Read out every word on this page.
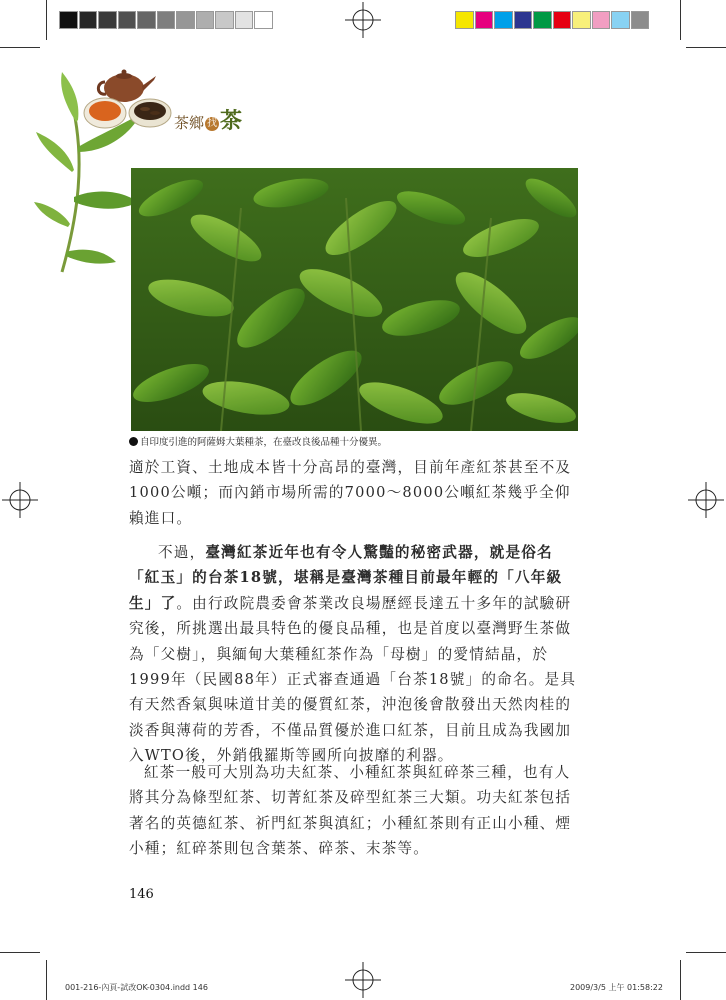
茶鄉 找 茶
自印度引進的阿薩姆大葉種茶，在臺改良後品種十分優異。

適於工資、土地成本皆十分高昂的臺灣，目前年產紅茶甚至不及1000公噸；而內銷市場所需的7000～8000公噸紅茶幾乎全仰賴進口。

不過，臺灣紅茶近年也有令人驚豔的秘密武器，就是俗名「紅玉」的台茶18號，堪稱是臺灣茶種目前最年輕的「八年級生」了。由行政院農委會茶業改良場歷經長達五十多年的試驗研究後，所挑選出最具特色的優良品種，也是首度以臺灣野生茶做為「父樹」，與緬甸大葉種紅茶作為「母樹」的愛情結晶，於1999年（民國88年）正式審查通過「台茶18號」的命名。是具有天然香氣與味道甘美的優質紅茶，沖泡後會散發出天然肉桂的淡香與薄荷的芳香，不僅品質優於進口紅茶，目前且成為我國加入WTO後，外銷俄羅斯等國所向披靡的利器。

紅茶一般可大別為功夫紅茶、小種紅茶與紅碎茶三種，也有人將其分為條型紅茶、切菁紅茶及碎型紅茶三大類。功夫紅茶包括著名的英德紅茶、祈門紅茶與滇紅；小種紅茶則有正山小種、煙小種；紅碎茶則包含葉茶、碎茶、末茶等。

146
001-216-內頁-試改OK-0304.indd 146	2009/3/5 上午 01:58:22
